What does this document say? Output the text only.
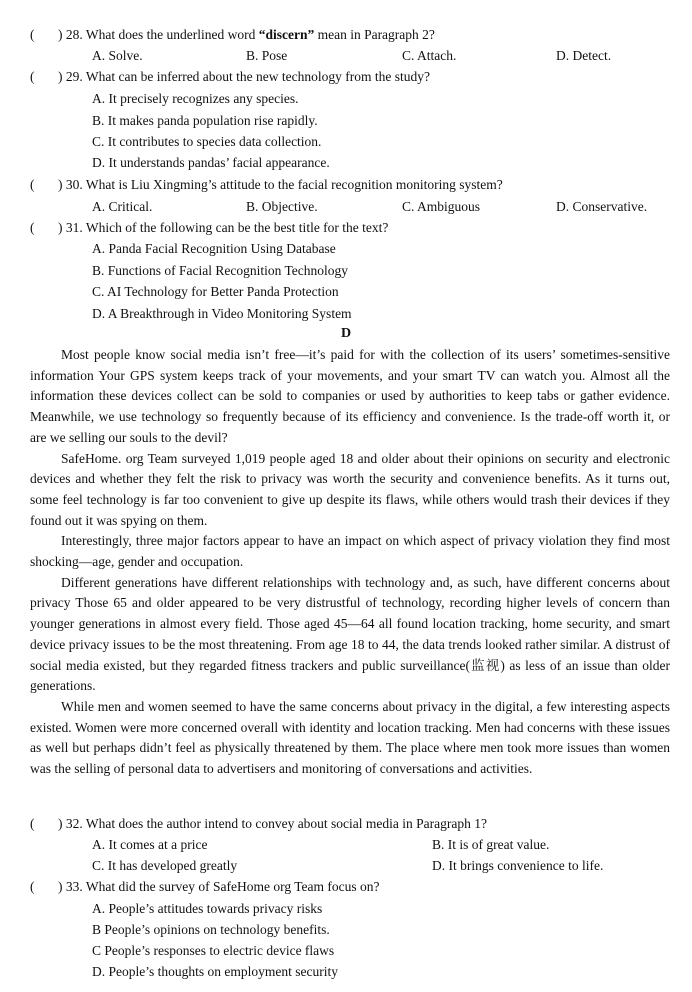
( ) 28. What does the underlined word “discern” mean in Paragraph 2?
A. Solve.	B. Pose	C. Attach.	D. Detect.
( ) 29. What can be inferred about the new technology from the study?
A. It precisely recognizes any species.
B. It makes panda population rise rapidly.
C. It contributes to species data collection.
D. It understands pandas’ facial appearance.
( ) 30. What is Liu Xingming’s attitude to the facial recognition monitoring system?
A. Critical.	B. Objective.	C. Ambiguous	D. Conservative.
( ) 31. Which of the following can be the best title for the text?
A. Panda Facial Recognition Using Database
B. Functions of Facial Recognition Technology
C. AI Technology for Better Panda Protection
D. A Breakthrough in Video Monitoring System
D

Most people know social media isn’t free—it’s paid for with the collection of its users’ sometimes-sensitive information Your GPS system keeps track of your movements, and your smart TV can watch you. Almost all the information these devices collect can be sold to companies or used by authorities to keep tabs or gather evidence. Meanwhile, we use technology so frequently because of its efficiency and convenience. Is the trade-off worth it, or are we selling our souls to the devil?

SafeHome. org Team surveyed 1,019 people aged 18 and older about their opinions on security and electronic devices and whether they felt the risk to privacy was worth the security and convenience benefits. As it turns out, some feel technology is far too convenient to give up despite its flaws, while others would trash their devices if they found out it was spying on them.

Interestingly, three major factors appear to have an impact on which aspect of privacy violation they find most shocking—age, gender and occupation.

Different generations have different relationships with technology and, as such, have different concerns about privacy Those 65 and older appeared to be very distrustful of technology, recording higher levels of concern than younger generations in almost every field. Those aged 45—64 all found location tracking, home security, and smart device privacy issues to be the most threatening. From age 18 to 44, the data trends looked rather similar. A distrust of social media existed, but they regarded fitness trackers and public surveillance(监视) as less of an issue than older generations.

While men and women seemed to have the same concerns about privacy in the digital, a few interesting aspects existed. Women were more concerned overall with identity and location tracking. Men had concerns with these issues as well but perhaps didn’t feel as physically threatened by them. The place where men took more issues than women was the selling of personal data to advertisers and monitoring of conversations and activities.

( ) 32. What does the author intend to convey about social media in Paragraph 1?
A. It comes at a price	B. It is of great value.
C. It has developed greatly	D. It brings convenience to life.
( ) 33. What did the survey of SafeHome org Team focus on?
A. People’s attitudes towards privacy risks
B People’s opinions on technology benefits.
C People’s responses to electric device flaws
D. People’s thoughts on employment security
